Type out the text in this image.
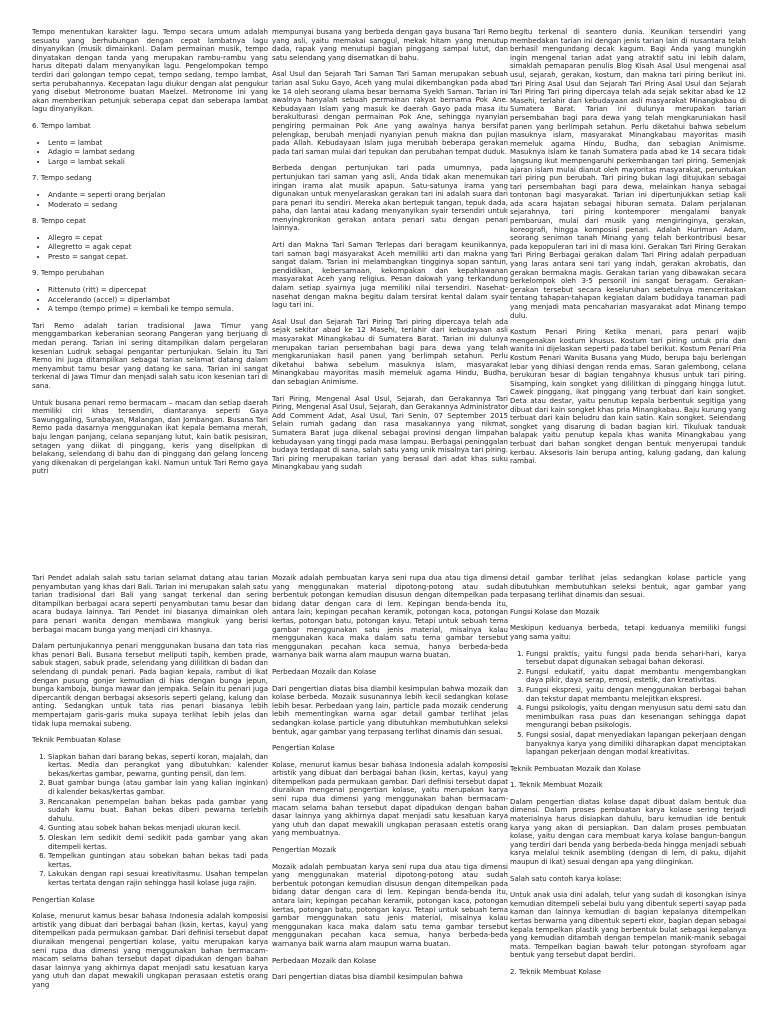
Tempo menentukan karakter lagu. Tempo secara umum adalah sesuatu yang berhubungan dengan cepat lambatnya lagu dinyanyikan (musik dimainkan). Dalam permainan musik, tempo dinyatakan dengan tanda yang merupakan rambu-rambu yang harus ditepati dalam menyanyikan lagu. Pengelompokan tempo terdiri dari golongan tempo cepat, tempo sedang, tempo lambat, serta perubahannya. Kecepatan lagu diukur dengan alat pengukur yang disebut Metronome buatan Maelzel. Metronome ini yang akan memberikan petunjuk seberapa cepat dan seberapa lambat lagu dinyanyikan.

6. Tempo lambat

• Lento = lambat
• Adagio = lambat sedang
• Largo = lambat sekali

7. Tempo sedang

• Andante = seperti orang berjalan
• Moderato = sedang

8. Tempo cepat

• Allegro = cepat
• Allegretto = agak cepat
• Presto = sangat cepat.

9. Tempo perubahan

• Rittenuto (ritt) = dipercepat
• Accelerando (accel) = diperlambat
• A tempo (tempo prime) = kembali ke tempo semula.

Tari Remo adalah tarian tradisional Jawa Timur yang menggambarkan keberanian seorang Pangeran yang berjuang di medan perang. Tarian ini sering ditampilkan dalam pergelaran kesenian Ludruk sebagai pengantar pertunjukan. Selain itu Tari Remo ini juga ditampilkan sebagai tarian selamat datang dalam menyambut tamu besar yang datang ke sana. Tarian ini sangat terkenal di Jawa Timur dan menjadi salah satu icon kesenian tari di sana.

Untuk busana penari remo bermacam – macam dan setiap daerah memiliki ciri khas tersendiri, diantaranya seperti Gaya Sawunggaling, Surabayan, Malangan, dan Jombangan. Busana Tari Remo pada dasarnya menggunakan ikat kepala bemarna merah, baju lengan panjang, celana sepanjang lutut, kain batik pesisiran, setagen yang diikat di pinggang, keris yang diselipkan di belakang, selendang di bahu dan di pinggang dan gelang lonceng yang dikenakan di pergelangan kaki. Namun untuk Tari Remo gaya putri

mempunyai busana yang berbeda dengan gaya busana Tari Remo yang asli, yaitu memakai sanggul, mekak hitam yang menutup dada, rapak yang menutupi bagian pinggang sampai lutut, dan satu selendang yang disematkan di bahu.

Asal Usul dan Sejarah Tari Saman Tari Saman merupakan sebuah tarian asal Suku Gayo, Aceh yang mulai dikembangkan pada abad ke 14 oleh seorang ulama besar bernama Syekh Saman. Tarian ini awalnya hanyalah sebuah permainan rakyat bernama Pok Ane. Kebudayaan Islam yang masuk ke daerah Gayo pada masa itu berakulturasi dengan permainan Pok Ane, sehingga nyanyian pengiring permainan Pok Ane yang awalnya hanya bersifat pelengkap, berubah menjadi nyanyian penuh makna dan pujian pada Allah. Kebudayaan Islam juga merubah beberapa gerakan pada tari saman mulai dari tepukan dan perubahan tempat duduk.

Berbeda dengan pertunjukan tari pada umumnya, pada pertunjukan tari saman yang asli, Anda tidak akan menemukan iringan irama alat musik apapun. Satu-satunya irama yang digunakan untuk menyelaraskan gerakan tari ini adalah suara dari para penari itu sendiri. Mereka akan bertepuk tangan, tepuk dada, paha, dan lantai atau kadang menyanyikan syair tersendiri untuk menyingkronkan gerakan antara penari satu dengan penari lainnya.

Arti dan Makna Tari Saman Terlepas dari beragam keunikannya, tari saman bagi masyarakat Aceh memiliki arti dan makna yang sangat dalam. Tarian ini melambangkan tingginya sopan santun, pendidikan, kebersamaan, kekompakan dan kepahlawanan masyarakat Aceh yang religius. Pesan dakwah yang terkandung dalam setiap syairnya juga memiliki nilai tersendiri. Nasehat-nasehat dengan makna begitu dalam tersirat kental dalam syair lagu tari ini.

Asal Usul dan Sejarah Tari Piring Tari piring dipercaya telah ada sejak sekitar abad ke 12 Masehi, terlahir dari kebudayaan asli masyarakat Minangkabau di Sumatera Barat. Tarian ini dulunya merupakan tarian persembahan bagi para dewa yang telah mengkaruniakan hasil panen yang berlimpah setahun. Perlu diketahui bahwa sebelum masuknya islam, masyarakat Minangkabau mayoritas masih memeluk agama Hindu, Budha, dan sebagian Animisme.

Tari Piring, Mengenal Asal Usul, Sejarah, dan Gerakannya Tari Piring, Mengenal Asal Usul, Sejarah, dan Gerakannya Administrator Add Comment Adat, Asal Usul, Tari Senin, 07 September 2015 Selain rumah gadang dan rasa masakannya yang nikmat, Sumatera Barat juga dikenal sebagai provinsi dengan limpahan kebudayaan yang tinggi pada masa lampau. Berbagai peninggalan budaya terdapat di sana, salah satu yang unik misalnya tari piring. Tari piring merupakan tarian yang berasal dari adat khas suku Minangkabau yang sudah

begitu terkenal di seantero dunia. Keunikan tersendiri yang membedakan tarian ini dengan jenis tarian lain di nusantara telah berhasil mengundang decak kagum. Bagi Anda yang mungkin ingin mengenal tarian adat yang atraktif satu ini lebih dalam, simaklah pemaparan penulis Blog Kisah Asal Usul mengenai asal usul, sejarah, gerakan, kostum, dan makna tari piring berikut ini. Tari Piring Asal Usul dan Sejarah Tari Piring Asal Usul dan Sejarah Tari Piring Tari piring dipercaya telah ada sejak sekitar abad ke 12 Masehi, terlahir dari kebudayaan asli masyarakat Minangkabau di Sumatera Barat. Tarian ini dulunya merupakan tarian persembahan bagi para dewa yang telah mengkaruniakan hasil panen yang berlimpah setahun. Perlu diketahui bahwa sebelum masuknya islam, masyarakat Minangkabau mayoritas masih memeluk agama Hindu, Budha, dan sebagian Animisme. Masuknya islam ke tanah Sumatera pada abad ke 14 secara tidak langsung ikut mempengaruhi perkembangan tari piring. Semenjak ajaran islam mulai dianut oleh mayoritas masyarakat, peruntukan tari piring pun berubah. Tari piring bukan lagi ditujukan sebagai tari persembahan bagi para dewa, melainkan hanya sebagai tontonan bagi masyarakat. Tarian ini dipertunjukkan setiap kali ada acara hajatan sebagai hiburan semata. Dalam perjalanan sejarahnya, tari piring kontemporer mengalami banyak pembaruan, mulai dari musik yang mengiringinya, gerakan, koreografi, hingga komposisi penari. Adalah Huriman Adam, seorang seniman tanah Minang yang telah berkontribusi besar pada kepopuleran tari ini di masa kini. Gerakan Tari Piring Gerakan Tari Piring Berbagai gerakan dalam Tari Piring adalah perpaduan yang laras antara seni tari yang indah, gerakan akrobatis, dan gerakan bermakna magis. Gerakan tarian yang dibawakan secara berkelompok oleh 3-5 personil ini sangat beragam. Gerakan-gerakan tersebut secara keseluruhan sebetulnya menceritakan tentang tahapan-tahapan kegiatan dalam budidaya tanaman padi yang menjadi mata pencaharian masyarakat adat Minang tempo dulu.

Kostum Penari Piring Ketika menari, para penari wajib mengenakan kostum khusus. Kostum tari piring untuk pria dan wanita ini dijelaskan seperti pada tabel berikut. Kostum Penari Pria Kostum Penari Wanita Busana yang Mudo, berupa baju berlengan lebar yang dihiasi dengan renda emas. Saran galembong, celana berukuran besar di bagian tengahnya khusus untuk tari piring. Sisamping, kain songket yang dililitkan di pinggang hingga lutut. Cawek pinggang, ikat pinggang yang terbuat dari kain songket. Deta atau destar, yaitu penutup kepala berbentuk segitiga yang dibuat dari kain songket khas pria Minangkabau. Baju kurung yang terbuat dari kain beludru dan kain satin. Kain songket. Selendang songket yang disarung di badan bagian kiri. Tikuluak tanduak balapak yaitu penutup kepala khas wanita Minangkabau yang terbuat dari bahan songket dengan bentuk menyerupai tanduk kerbau. Aksesoris lain berupa anting, kalung gadang, dan kalung rambai.

Tari Pendet adalah salah satu tarian selamat datang atau tarian penyambutan yang khas dari Bali. Tarian ini merupakan salah satu tarian tradisional dari Bali yang sangat terkenal dan sering ditampilkan berbagai acara seperti penyambutan tamu besar dan acara budaya lainnya. Tari Pendet ini biasanya dimainkan oleh para penari wanita dengan membawa mangkuk yang berisi berbagai macam bunga yang menjadi ciri khasnya.

Dalam pertunjukannya penari menggunakan busana dan tata rias khas penari Bali. Busana tersebut meliputi tapih, kemben prade, sabuk stagen, sabuk prade, selendang yang dililitkan di badan dan selendang di pundak penari. Pada bagian kepala, rambut di ikat dengan pusung gonjer kemudian di hias dengan bunga jepun, bunga kamboja, bunga mawar dan jempaka. Selain itu penari juga dipercantik dengan berbagai aksesoris seperti gelang, kalung dan anting. Sedangkan untuk tata rias penari biasanya lebih mempertajam garis-garis muka supaya terlihat lebih jelas dan tidak lupa memakai subeng.

Teknik Pembuatan Kolase

1. Siapkan bahan dari barang bekas, seperti koran, majalah, dan kertas. Media dan perangkat yang dibutuhkan: kalender bekas/kertas gambar, pewarna, gunting pensil, dan lem.
2. Buat gambar bunga (atau gambar lain yang kalian inginkan) di kalender bekas/kertas gambar.
3. Rencanakan penempelan bahan bekas pada gambar yang sudah kamu buat. Bahan bekas diberi pewarna terlebih dahulu.
4. Gunting atau sobek bahan bekas menjadi ukuran kecil.
5. Oleskan lem sedikit demi sedikit pada gambar yang akan ditempeli kertas.
6. Tempelkan guntingan atau sobekan bahan bekas tadi pada kertas.
7. Lakukan dengan rapi sesuai kreativitasmu. Usahan tempelan kertas tertata dengan rajin sehingga hasil kolase juga rajin.

Pengertian Kolase

Kolase, menurut kamus besar bahasa Indonesia adalah komposisi artistik yang dibuat dari berbagai bahan (kain, kertas, kayu) yang ditempelkan pada permukaan gambar. Dari definisi tersebut dapat diuraikan mengenai pengertian kolase, yaitu merupakan karya seni rupa dua dimensi yang menggunakan bahan bermacam-macam selama bahan tersebut dapat dipadukan dengan bahan dasar lainnya yang akhirnya dapat menjadi satu kesatuan karya yang utuh dan dapat mewakili ungkapan perasaan estetis orang yang

Mozaik adalah pembuatan karya seni rupa dua atau tiga dimensi yang menggunakan material dipotong-potong atau sudah berbentuk potongan kemudian disusun dengan ditempelkan pada bidang datar dengan cara di lem. Kepingan benda-benda itu, antara lain; kepingan pecahan keramik, potongan kaca, potongan kertas, potongan batu, potongan kayu. Tetapi untuk sebuah tema gambar menggunakan satu jenis material, misalnya kalau menggunakan kaca maka dalam satu tema gambar tersebut menggunakan pecahan kaca semua, hanya berbeda-beda warnanya baik warna alam maupun warna buatan.

Perbedaan Mozaik dan Kolase

Dari pengertian diatas bisa diambil kesimpulan bahwa mozaik dan kolase berbeda. Mozaik susunannya lebih kecil sedangkan kolase lebih besar. Perbedaan yang lain, particle pada mozaik cenderung lebih mementingkan warna agar detail gambar terlihat jelas sedangkan kolase particle yang dibutuhkan membutuhkan seleksi bentuk, agar gambar yang terpasang terlihat dinamis dan sesuai.

Pengertian Kolase

Kolase, menurut kamus besar bahasa Indonesia adalah komposisi artistik yang dibuat dari berbagai bahan (kain, kertas, kayu) yang ditempelkan pada permukaan gambar. Dari definisi tersebut dapat diuraikan mengenai pengertian kolase, yaitu merupakan karya seni rupa dua dimensi yang menggunakan bahan bermacam-macam selama bahan tersebut dapat dipadukan dengan bahan dasar lainnya yang akhirnya dapat menjadi satu kesatuan karya yang utuh dan dapat mewakili ungkapan perasaan estetis orang yang membuatnya.

Pengertian Mozaik

Mozaik adalah pembuatan karya seni rupa dua atau tiga dimensi yang menggunakan material dipotong-potong atau sudah berbentuk potongan kemudian disusun dengan ditempelkan pada bidang datar dengan cara di lem. Kepingan benda-benda itu, antara lain; kepingan pecahan keramik, potongan kaca, potongan kertas, potongan batu, potongan kayu. Tetapi untuk sebuah tema gambar menggunakan satu jenis material, misalnya kalau menggunakan kaca maka dalam satu tema gambar tersebut menggunakan pecahan kaca semua, hanya berbeda-beda warnanya baik warna alam maupun warna buatan.

Perbedaan Mozaik dan Kolase

Dari pengertian diatas bisa diambil kesimpulan bahwa

detail gambar terlihat jelas sedangkan kolase particle yang dibutuhkan membutuhkan seleksi bentuk, agar gambar yang terpasang terlihat dinamis dan sesuai.

Fungsi Kolase dan Mozaik

Meskipun keduanya berbeda, tetapi keduanya memiliki fungsi yang sama yaitu:

1. Fungsi praktis, yaitu fungsi pada benda sehari-hari, karya tersebut dapat digunakan sebagai bahan dekorasi.
2. Fungsi edukatif, yaitu dapat membantu mengembangkan daya pikir, daya serap, emosi, estetik, dan kreativitas.
3. Fungsi ekspresi, yaitu dengan menggunakan berbagai bahan dan tekstur dapat membantu melejitkan ekspresi.
4. Fungsi psikologis, yaitu dengan menyusun satu demi satu dan menimbulkan rasa puas dan kesenangan sehingga dapat mengurangi beban psikologis.
5. Fungsi sosial, dapat menyediakan lapangan pekerjaan dengan banyaknya karya yang dimiliki diharapkan dapat menciptakan lapangan pekerjaan dengan modal kreativitas.

Teknik Pembuatan Mozaik dan Kolase

1. Teknik Membuat Mozaik

Dalam pengertian diatas kolase dapat dibuat dalam bentuk dua dimensi. Dalam proses pembuatan karya kolase sering terjadi materialnya harus disiapkan dahulu, baru kemudian ide bentuk karya yang akan di persiapkan. Dan dalam proses pembuatan kolase, yaitu dengan cara membuat karya kolase bangun-bangun yang terdiri dari benda yang berbeda-beda hingga menjadi sebuah karya melalui teknik asembling (dengan di lem, di paku, dijahit maupun di ikat) sesuai dengan apa yang diinginkan.

Salah satu contoh karya kolase:

Untuk anak usia dini adalah, telur yang sudah di kosongkan isinya kemudian ditempeli sebelai bulu yang dibentuk seperti sayap pada kaman dan lainnya kemudian di bagian kepalanya ditempelkan kertas berwarna yang dibentuk seperti ekor, bagian depan sebagai kepala tempelkan plastik yang berbentuk bulat sebagai kepalanya yang kemudian ditambah dengan tempelan manik-manik sebagai mata. Tempelkan bagian bawah telur potongan styrofoam agar bentuk yang tersebut dapat berdiri.

2. Teknik Membuat Kolase
